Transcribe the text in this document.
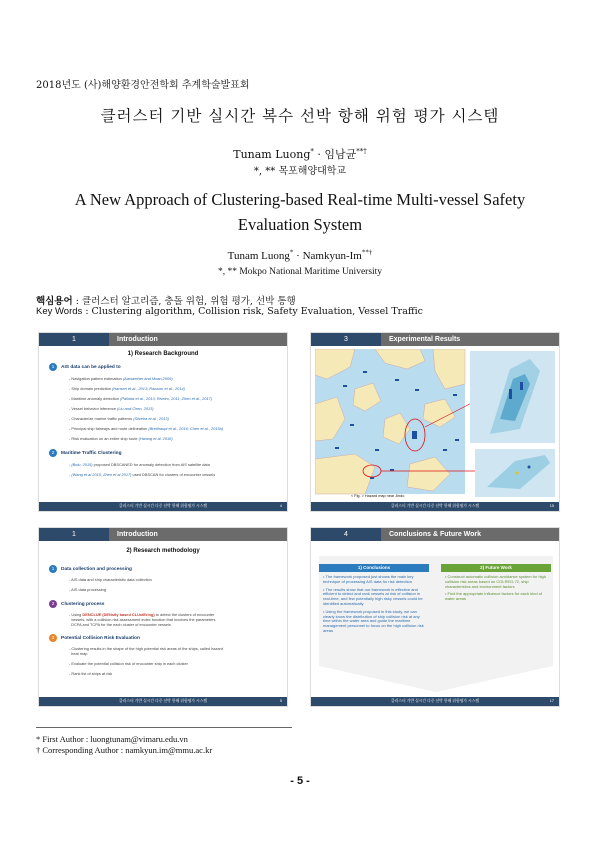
2018년도 (사)해양환경안전학회 추계학술발표회
클러스터 기반 실시간 복수 선박 항해 위험 평가 시스템
Tunam Luong* · 임남균**†
*, ** 목포해양대학교
A New Approach of Clustering-based Real-time Multi-vessel Safety Evaluation System
Tunam Luong* · Namkyun-Im**†
*, ** Mokpo National Maritime University
핵심용어 : 클러스터 알고리즘, 충돌 위험, 위험 평가, 선박 통행
Key Words : Clustering algorithm, Collision risk, Safety Evaluation, Vessel Traffic
1	Introduction
1) Research Background
1	AIS data can be applied to
- Navigation pattern estimation (Aarsaether and Moan,2009)
- Ship domain prediction (Hansen et al., 2013; Rawson et al., 2014)
- Maritime anomaly detection (Pallotta et al., 2013; Riveiro, 2011; Zhen et al., 2017)
- Vessel behavior inference (Liu and Chen, 2013)
- Characterize marine traffic patterns (Silveira et al., 2013)
- Principal ship fairways and route delineation (Breithaupt et al., 2016; Chen et al., 2015b)
- Risk evaluation on an entire ship route (Hwang et al. 2018)
2	Maritime Traffic Clustering
- (Bolu, 2015) proposed DBSCANED for anomaly detection from AIS satellite data
- (Wang et al 2015, Zhen et al 2017) used DBSCAN for clusters of encounter vessels
클러스터 기반 실시간 다중 선박 항해 위험평가 시스템	4
3	Experimental Results
< Fig. > Hazard map near Jindo
클러스터 기반 실시간 다중 선박 항해 위험평가 시스템	15
1	Introduction
2) Research methodology
1	Data collection and processing
- AIS data and ship characteristic data collection
- AIS data processing
2	Clustering process
- Using DENCLUE (DENsity based CLUstEring) to detect the clusters of encounter
vessels, with a collision risk assessment index function that involves the parameters
DCPA and TCPA for the each cluster of encounter vessels
3	Potential Collision Risk Evaluation
- Clustering results in the shape of the high potential risk areas of the ships, called hazard
heat map
- Evaluate the potential collision risk of encounter ship in each cluster
- Rank list of ships at risk
클러스터 기반 실시간 다중 선박 항해 위험평가 시스템	5
4	Conclusions & Future Work
1) Conclusions
• The framework proposed just shows the main key technique of processing AIS data for risk detection
• The results show that our framework is effective and efficient to detect and rank vessels at risk of collision in real-time, and few potentially high risky vessels could be identified automatically
• Using the framework proposed in this study, we can clearly know the distribution of ship collision risk at any time within the water area and guide the maritime management personnel to focus on the high collision risk areas
2) Future Work
• Construct automatic collision avoidance system for high collision risk areas based on COLREG-72, ship characteristics and environment factors
• Find the appropriate influence factors for each kind of water areas
클러스터 기반 실시간 다중 선박 항해 위험평가 시스템	17
* First Author : luongtunam@vimaru.edu.vn
† Corresponding Author : namkyun.im@mmu.ac.kr
- 5 -
